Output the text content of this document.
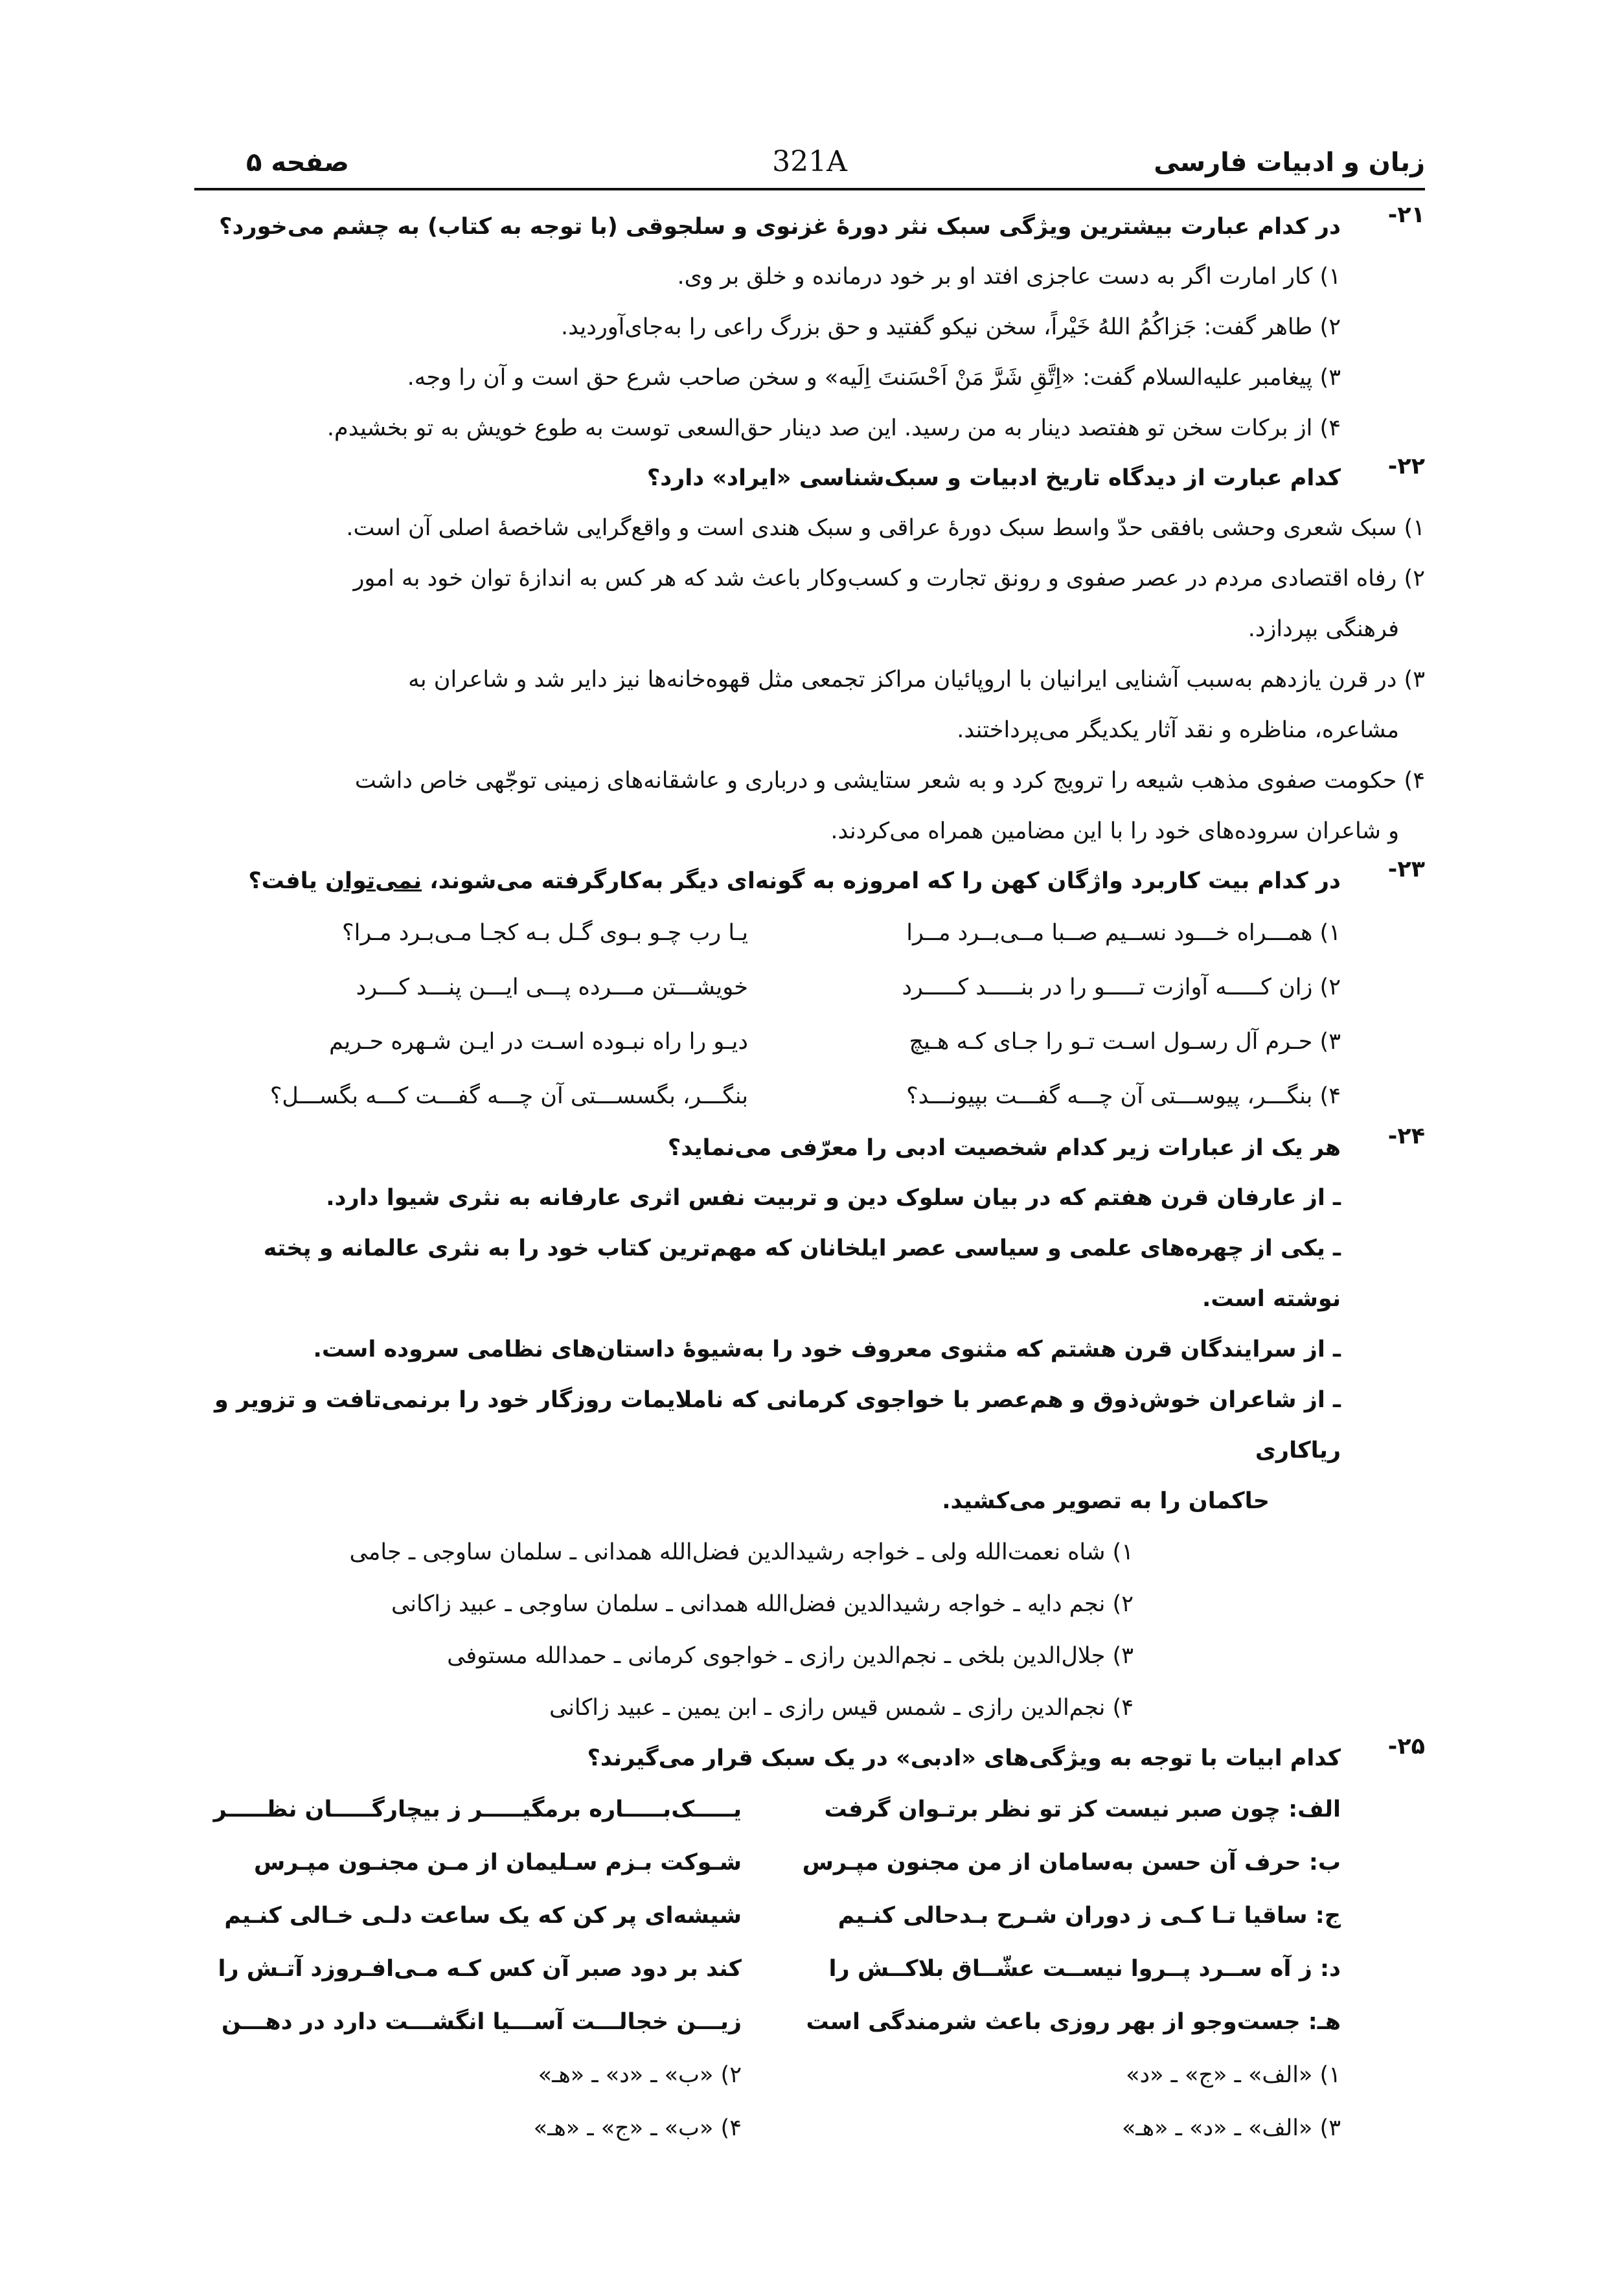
زبان و ادبیات فارسی
321A
صفحه ۵
۲۱-
در کدام عبارت بیشترین ویژگی سبک نثر دورهٔ غزنوی و سلجوقی (با توجه به کتاب) به چشم می‌خورد؟
۱) کار امارت اگر به دست عاجزی افتد او بر خود درمانده و خلق بر وی.
۲) طاهر گفت: جَزاکُمُ اللهُ خَیْراً، سخن نیکو گفتید و حق بزرگ راعی را به‌جای‌آوردید.
۳) پیغامبر علیه‌السلام گفت: «اِتَّقِ شَرَّ مَنْ اَحْسَنتَ اِلَیه» و سخن صاحب شرع حق است و آن را وجه.
۴) از برکات سخن تو هفتصد دینار به من رسید. این صد دینار حق‌السعی توست به طوع خویش به تو بخشیدم.
۲۲-
کدام عبارت از دیدگاه تاریخ ادبیات و سبک‌شناسی «ایراد» دارد؟
۱) سبک شعری وحشی بافقی حدّ واسط سبک دورهٔ عراقی و سبک هندی است و واقع‌گرایی شاخصهٔ اصلی آن است.
۲) رفاه اقتصادی مردم در عصر صفوی و رونق تجارت و کسب‌وکار باعث شد که هر کس به اندازهٔ توان خود به امور
فرهنگی بپردازد.
۳) در قرن یازدهم به‌سبب آشنایی ایرانیان با اروپائیان مراکز تجمعی مثل قهوه‌خانه‌ها نیز دایر شد و شاعران به
مشاعره، مناظره و نقد آثار یکدیگر می‌پرداختند.
۴) حکومت صفوی مذهب شیعه را ترویج کرد و به شعر ستایشی و درباری و عاشقانه‌های زمینی توجّهی خاص داشت
و شاعران سروده‌های خود را با این مضامین همراه می‌کردند.
۲۳-
در کدام بیت کاربرد واژگان کهن را که امروزه به گونه‌ای دیگر به‌کارگرفته می‌شوند، نمی‌توان یافت؟
۱) همـــراه خـــود نســیم صــبا مــی‌بــرد مــرا
یـا رب چـو بـوی گـل بـه کجـا مـی‌بـرد مـرا؟
۲) زان کـــــه آوازت تـــــو را در بنـــــد کـــــرد
خویشـــتن مـــرده پـــی ایـــن پنـــد کـــرد
۳) حـرم آل رسـول اسـت تـو را جـای کـه هـیچ
دیـو را راه نبـوده اسـت در ایـن شـهره حـریم
۴) بنگـــر، پیوســـتی آن چـــه گفـــت بپیونـــد؟
بنگـــر، بگسســـتی آن چـــه گفـــت کـــه بگســـل؟
۲۴-
هر یک از عبارات زیر کدام شخصیت ادبی را معرّفی می‌نماید؟
ـ از عارفان قرن هفتم که در بیان سلوک دین و تربیت نفس اثری عارفانه به نثری شیوا دارد.
ـ یکی از چهره‌های علمی و سیاسی عصر ایلخانان که مهم‌ترین کتاب خود را به نثری عالمانه و پخته نوشته است.
ـ از سرایندگان قرن هشتم که مثنوی معروف خود را به‌شیوهٔ داستان‌های نظامی سروده است.
ـ از شاعران خوش‌ذوق و هم‌عصر با خواجوی کرمانی که ناملایمات روزگار خود را برنمی‌تافت و تزویر و ریاکاری
حاکمان را به تصویر می‌کشید.
۱) شاه نعمت‌الله ولی ـ خواجه رشیدالدین فضل‌الله همدانی ـ سلمان ساوجی ـ جامی
۲) نجم دایه ـ خواجه رشیدالدین فضل‌الله همدانی ـ سلمان ساوجی ـ عبید زاکانی
۳) جلال‌الدین بلخی ـ نجم‌الدین رازی ـ خواجوی کرمانی ـ حمدالله مستوفی
۴) نجم‌الدین رازی ـ شمس قیس رازی ـ ابن یمین ـ عبید زاکانی
۲۵-
کدام ابیات با توجه به ویژگی‌های «ادبی» در یک سبک قرار می‌گیرند؟
الف: چون صبر نیست کز تو نظر برتـوان گرفت
یـــــک‌بـــــاره برمگیـــــر ز بیچارگـــــان نظـــــر
ب: حرف آن حسن به‌سامان از من مجنون مپـرس
شـوکت بـزم سـلیمان از مـن مجنـون مپـرس
ج: ساقیا تـا کـی ز دوران شـرح بـدحالی کنـیم
شیشه‌ای پر کن که یک ساعت دلـی خـالی کنـیم
د: ز آه ســرد پــروا نیســت عشّــاق بلاکــش را
کند بر دود صبر آن کس کـه مـی‌افـروزد آتـش را
هـ: جست‌وجو از بهر روزی باعث شرمندگی است
زیـــن خجالـــت آســـیا انگشـــت دارد در دهـــن
۱) «الف» ـ «ج» ـ «د»
۲) «ب» ـ «د» ـ «هـ»
۳) «الف» ـ «د» ـ «هـ»
۴) «ب» ـ «ج» ـ «هـ»
